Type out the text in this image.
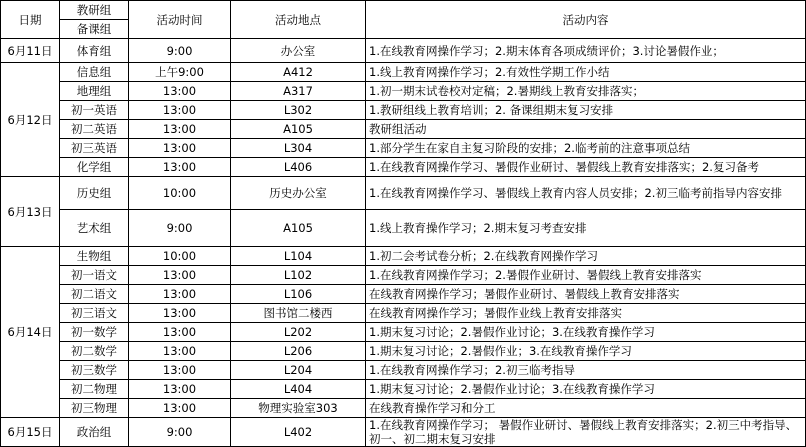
日期	教研组	活动时间	活动地点	活动内容
	备课组			
6月11日	体育组	9:00	办公室	1.在线教育网操作学习；2.期末体育各项成绩评价；3.讨论暑假作业；
6月12日	信息组	上午9:00	A412	1.线上教育网操作学习；2.有效性学期工作小结
	地理组	13:00	A317	1.初一期末试卷校对定稿；2.暑期线上教育安排落实；
	初一英语	13:00	L302	1.教研组线上教育培训；2. 备课组期末复习安排
	初二英语	13:00	A105	教研组活动
	初三英语	13:00	L304	1.部分学生在家自主复习阶段的安排；2.临考前的注意事项总结
	化学组	13:00	L406	1.在线教育网操作学习、暑假作业研讨、暑假线上教育安排落实；2.复习备考
6月13日	历史组	10:00	历史办公室	1.在线教育网操作学习、暑假线上教育内容人员安排；2.初三临考前指导内容安排
	艺术组	9:00	A105	1.线上教育操作学习；2.期末复习考查安排
6月14日	生物组	10:00	L104	1.初二会考试卷分析；2.在线教育网操作学习
	初一语文	13:00	L102	1.在线教育网操作学习；2.暑假作业研讨、暑假线上教育安排落实
	初二语文	13:00	L106	在线教育网操作学习；暑假作业研讨、暑假线上教育安排落实
	初三语文	13:00	图书馆二楼西	在线教育网操作学习；暑假作业线上教育安排落实
	初一数学	13:00	L202	1.期末复习讨论；2.暑假作业讨论；3.在线教育操作学习
	初二数学	13:00	L206	1.期末复习讨论；2.暑假作业；3.在线教育操作学习
	初三数学	13:00	L204	1.在线教育网操作学习；2.初三临考指导
	初二物理	13:00	L404	1.期末复习讨论；2.暑假作业讨论；3.在线教育操作学习
	初三物理	13:00	物理实验室303	在线教育操作学习和分工
6月15日	政治组	9:00	L402	1.在线教育网操作学习； 暑假作业研讨、暑假线上教育安排落实；2.初三中考指导、初一、初二期末复习安排
